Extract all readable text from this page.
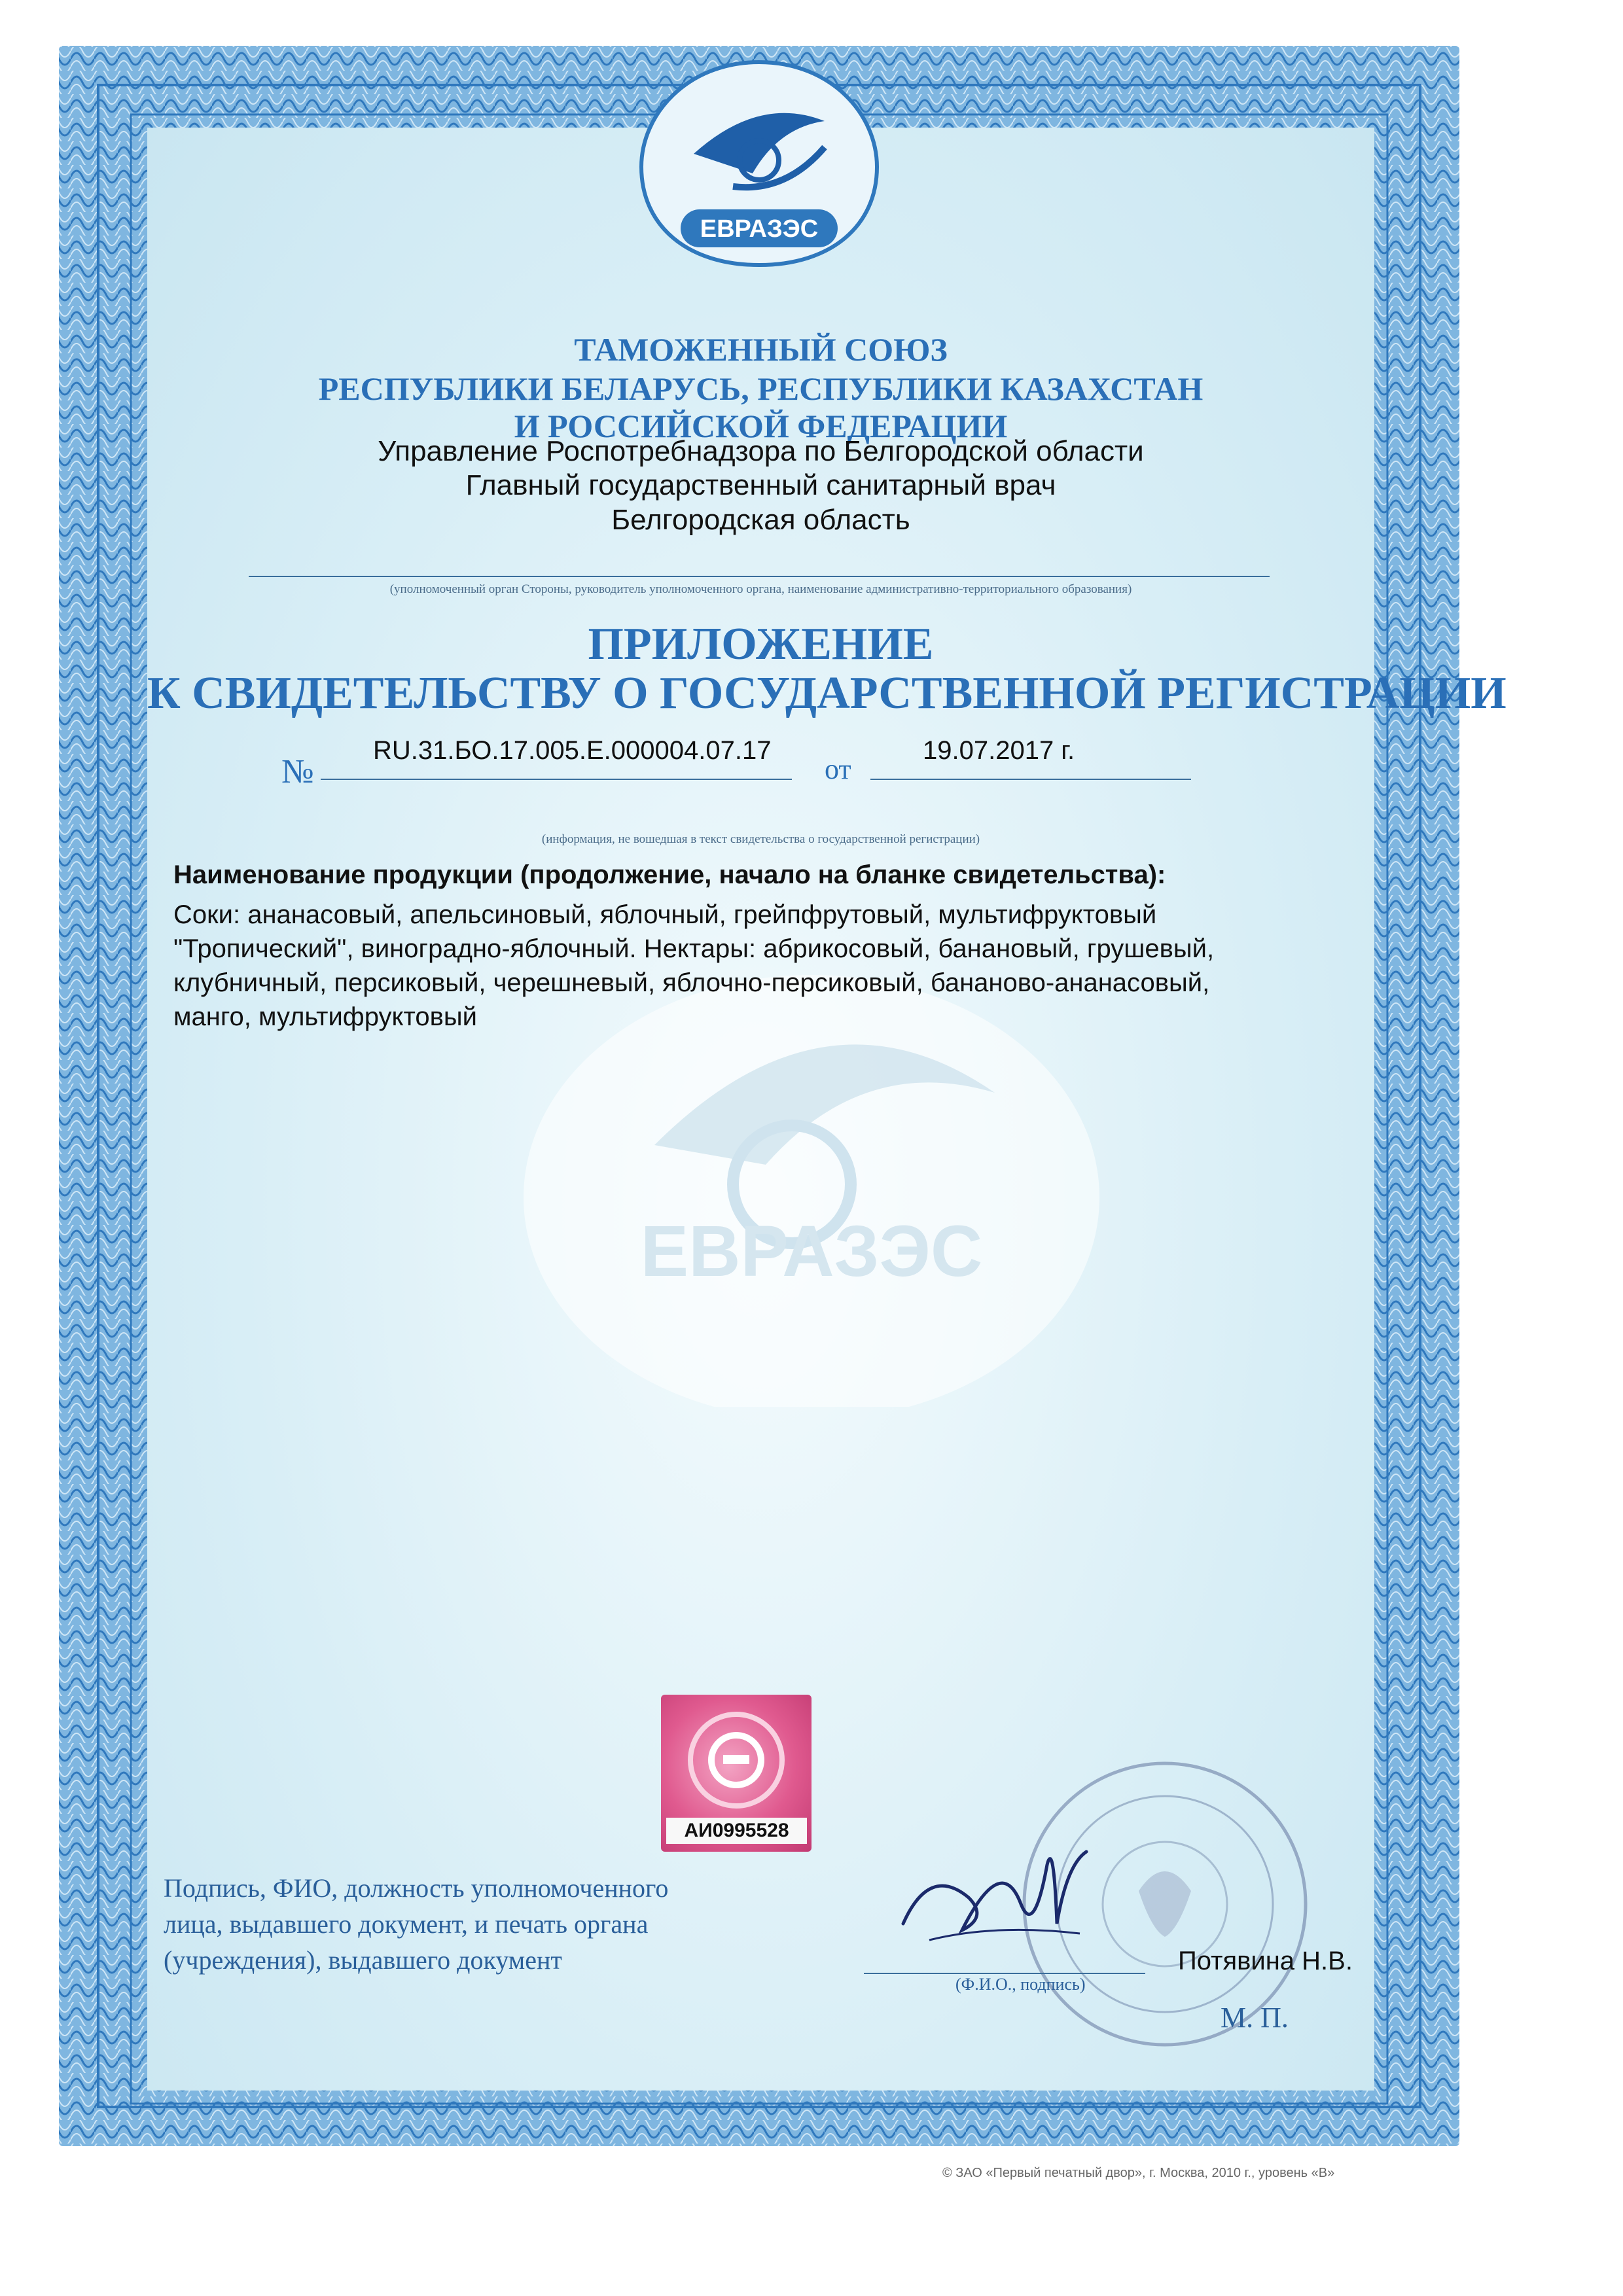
ЕВРАЗЭС
ЕВРАЗЭС
ТАМОЖЕННЫЙ СОЮЗ
РЕСПУБЛИКИ БЕЛАРУСЬ, РЕСПУБЛИКИ КАЗАХСТАН
И РОССИЙСКОЙ ФЕДЕРАЦИИ
Управление Роспотребнадзора по Белгородской области
Главный государственный санитарный врач
Белгородская область
(уполномоченный орган Стороны, руководитель уполномоченного органа, наименование административно-территориального образования)
ПРИЛОЖЕНИЕ
К СВИДЕТЕЛЬСТВУ О ГОСУДАРСТВЕННОЙ РЕГИСТРАЦИИ
№
RU.31.БО.17.005.Е.000004.07.17
от
19.07.2017 г.
(информация, не вошедшая в текст свидетельства о государственной регистрации)
Наименование продукции (продолжение, начало на бланке свидетельства):
Соки: ананасовый, апельсиновый, яблочный, грейпфрутовый, мультифруктовый "Тропический", виноградно-яблочный. Нектары: абрикосовый, банановый, грушевый, клубничный, персиковый, черешневый, яблочно-персиковый, бананово-ананасовый, манго, мультифруктовый
АИ0995528
Подпись, ФИО, должность уполномоченного
лица, выдавшего документ, и печать органа
(учреждения), выдавшего документ
(Ф.И.О., подпись)
Потявина Н.В.
М. П.
© ЗАО «Первый печатный двор», г. Москва, 2010 г., уровень «В»
